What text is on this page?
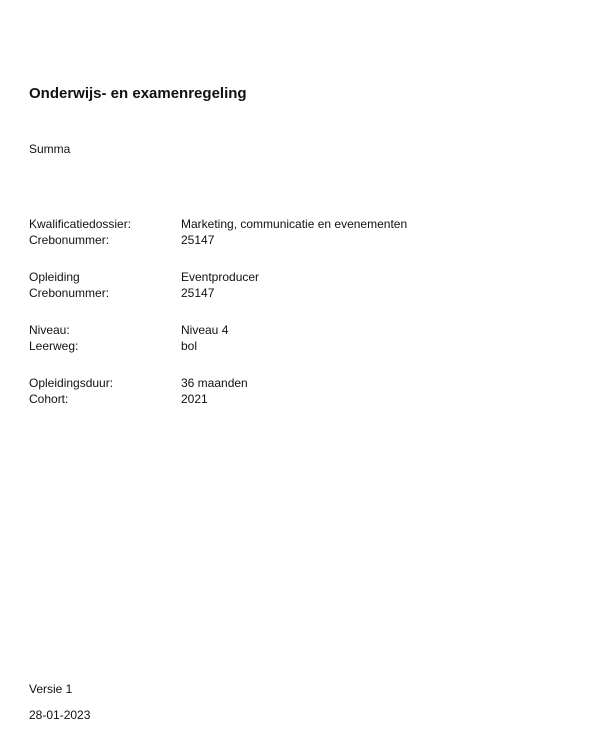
Onderwijs- en examenregeling
Summa
Kwalificatiedossier:	Marketing, communicatie en evenementen
Crebonummer:	25147
Opleiding	Eventproducer
Crebonummer:	25147
Niveau:	Niveau 4
Leerweg:	bol
Opleidingsduur:	36 maanden
Cohort:	2021
Versie 1
28-01-2023
